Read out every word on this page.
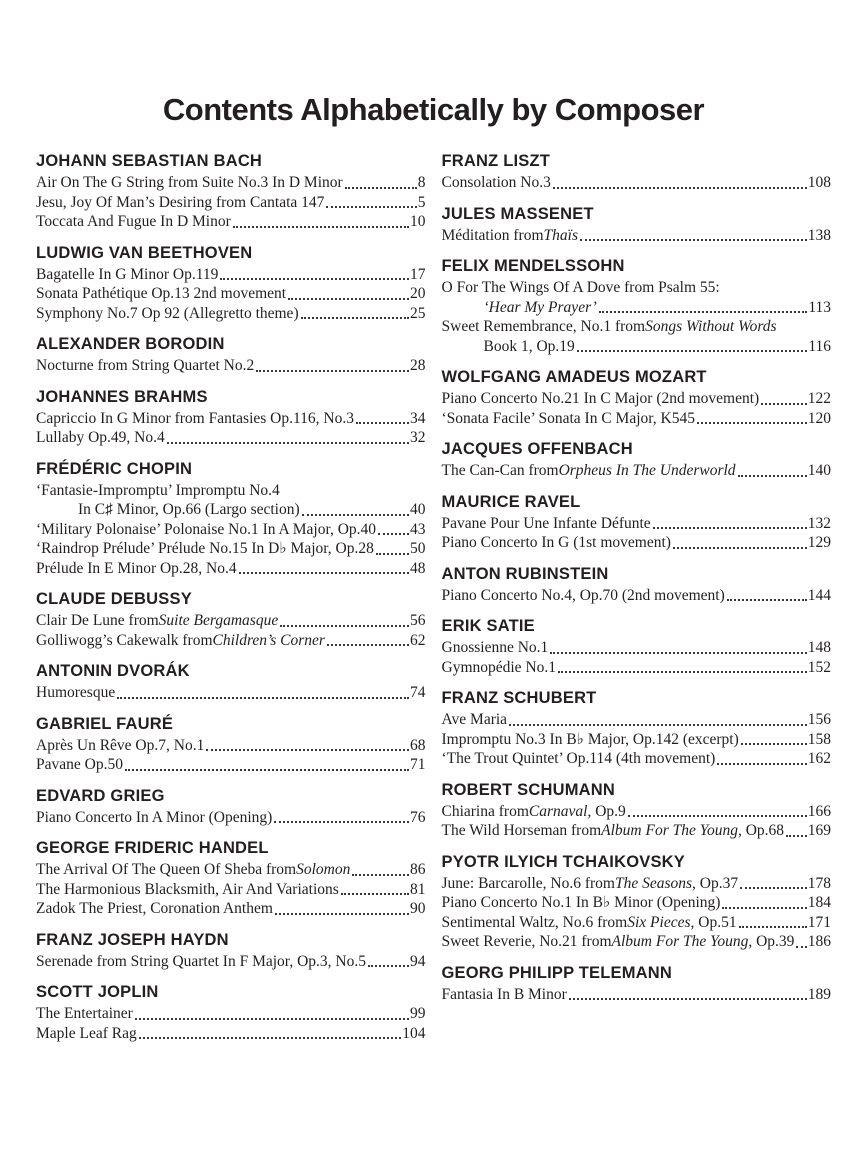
Contents Alphabetically by Composer
JOHANN SEBASTIAN BACH
Air On The G String from Suite No.3 In D Minor	8
Jesu, Joy Of Man’s Desiring from Cantata 147	5
Toccata And Fugue In D Minor	10
LUDWIG VAN BEETHOVEN
Bagatelle In G Minor Op.119	17
Sonata Pathétique Op.13 2nd movement	20
Symphony No.7 Op 92 (Allegretto theme)	25
ALEXANDER BORODIN
Nocturne from String Quartet No.2	28
JOHANNES BRAHMS
Capriccio In G Minor from Fantasies Op.116, No.3	34
Lullaby Op.49, No.4	32
FRÉDÉRIC CHOPIN
‘Fantasie-Impromptu’ Impromptu No.4
In C♯ Minor, Op.66 (Largo section)	40
‘Military Polonaise’ Polonaise No.1 In A Major, Op.40 43
‘Raindrop Prélude’ Prélude No.15 In D♭ Major, Op.28 50
Prélude In E Minor Op.28, No.4	48
CLAUDE DEBUSSY
Clair De Lune from Suite Bergamasque	56
Golliwogg’s Cakewalk from Children’s Corner	62
ANTONIN DVORÁK
Humoresque	74
GABRIEL FAURÉ
Après Un Rêve Op.7, No.1	68
Pavane Op.50	71
EDVARD GRIEG
Piano Concerto In A Minor (Opening)	76
GEORGE FRIDERIC HANDEL
The Arrival Of The Queen Of Sheba from Solomon	86
The Harmonious Blacksmith, Air And Variations	81
Zadok The Priest, Coronation Anthem	90
FRANZ JOSEPH HAYDN
Serenade from String Quartet In F Major, Op.3, No.5	94
SCOTT JOPLIN
The Entertainer	99
Maple Leaf Rag	104
FRANZ LISZT
Consolation No.3	108
JULES MASSENET
Méditation from Thaïs	138
FELIX MENDELSSOHN
O For The Wings Of A Dove from Psalm 55:
‘Hear My Prayer’	113
Sweet Remembrance, No.1 from Songs Without Words
Book 1, Op.19	116
WOLFGANG AMADEUS MOZART
Piano Concerto No.21 In C Major (2nd movement)	122
‘Sonata Facile’ Sonata In C Major, K545	120
JACQUES OFFENBACH
The Can-Can from Orpheus In The Underworld	140
MAURICE RAVEL
Pavane Pour Une Infante Défunte	132
Piano Concerto In G (1st movement)	129
ANTON RUBINSTEIN
Piano Concerto No.4, Op.70 (2nd movement)	144
ERIK SATIE
Gnossienne No.1	148
Gymnopédie No.1	152
FRANZ SCHUBERT
Ave Maria	156
Impromptu No.3 In B♭ Major, Op.142 (excerpt)	158
‘The Trout Quintet’ Op.114 (4th movement)	162
ROBERT SCHUMANN
Chiarina from Carnaval , Op.9	166
The Wild Horseman from Album For The Young , Op.68 169
PYOTR ILYICH TCHAIKOVSKY
June: Barcarolle, No.6 from The Seasons , Op.37	178
Piano Concerto No.1 In B♭ Minor (Opening)	184
Sentimental Waltz, No.6 from Six Pieces , Op.51	171
Sweet Reverie, No.21 from Album For The Young , Op.39 186
GEORG PHILIPP TELEMANN
Fantasia In B Minor	189
